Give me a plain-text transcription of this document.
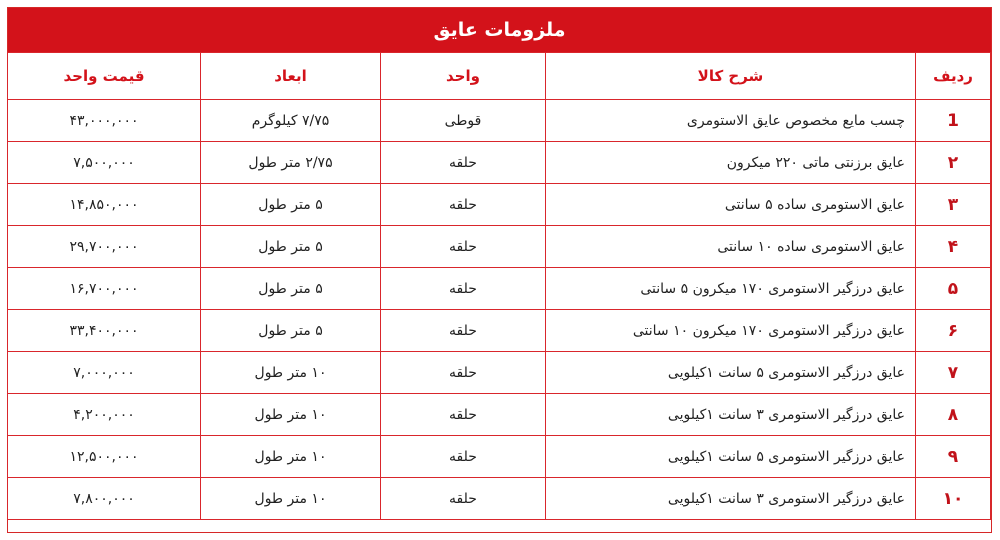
ملزومات عایق
ردیف	شرح کالا	واحد	ابعاد	قیمت واحد
1	چسب مایع مخصوص عایق الاستومری	قوطی	۷/۷۵ کیلوگرم	۴۳,۰۰۰,۰۰۰
۲	عایق برزنتی ماتی ۲۲۰ میکرون	حلقه	۲/۷۵ متر طول	۷,۵۰۰,۰۰۰
۳	عایق الاستومری ساده ۵ سانتی	حلقه	۵ متر طول	۱۴,۸۵۰,۰۰۰
۴	عایق الاستومری ساده ۱۰ سانتی	حلقه	۵ متر طول	۲۹,۷۰۰,۰۰۰
۵	عایق درزگیر الاستومری ۱۷۰ میکرون ۵ سانتی	حلقه	۵ متر طول	۱۶,۷۰۰,۰۰۰
۶	عایق درزگیر الاستومری ۱۷۰ میکرون ۱۰ سانتی	حلقه	۵ متر طول	۳۳,۴۰۰,۰۰۰
۷	عایق درزگیر الاستومری ۵ سانت ۱کیلویی	حلقه	۱۰ متر طول	۷,۰۰۰,۰۰۰
۸	عایق درزگیر الاستومری ۳ سانت ۱کیلویی	حلقه	۱۰ متر طول	۴,۲۰۰,۰۰۰
۹	عایق درزگیر الاستومری ۵ سانت ۱کیلویی	حلقه	۱۰ متر طول	۱۲,۵۰۰,۰۰۰
۱۰	عایق درزگیر الاستومری ۳ سانت ۱کیلویی	حلقه	۱۰ متر طول	۷,۸۰۰,۰۰۰
